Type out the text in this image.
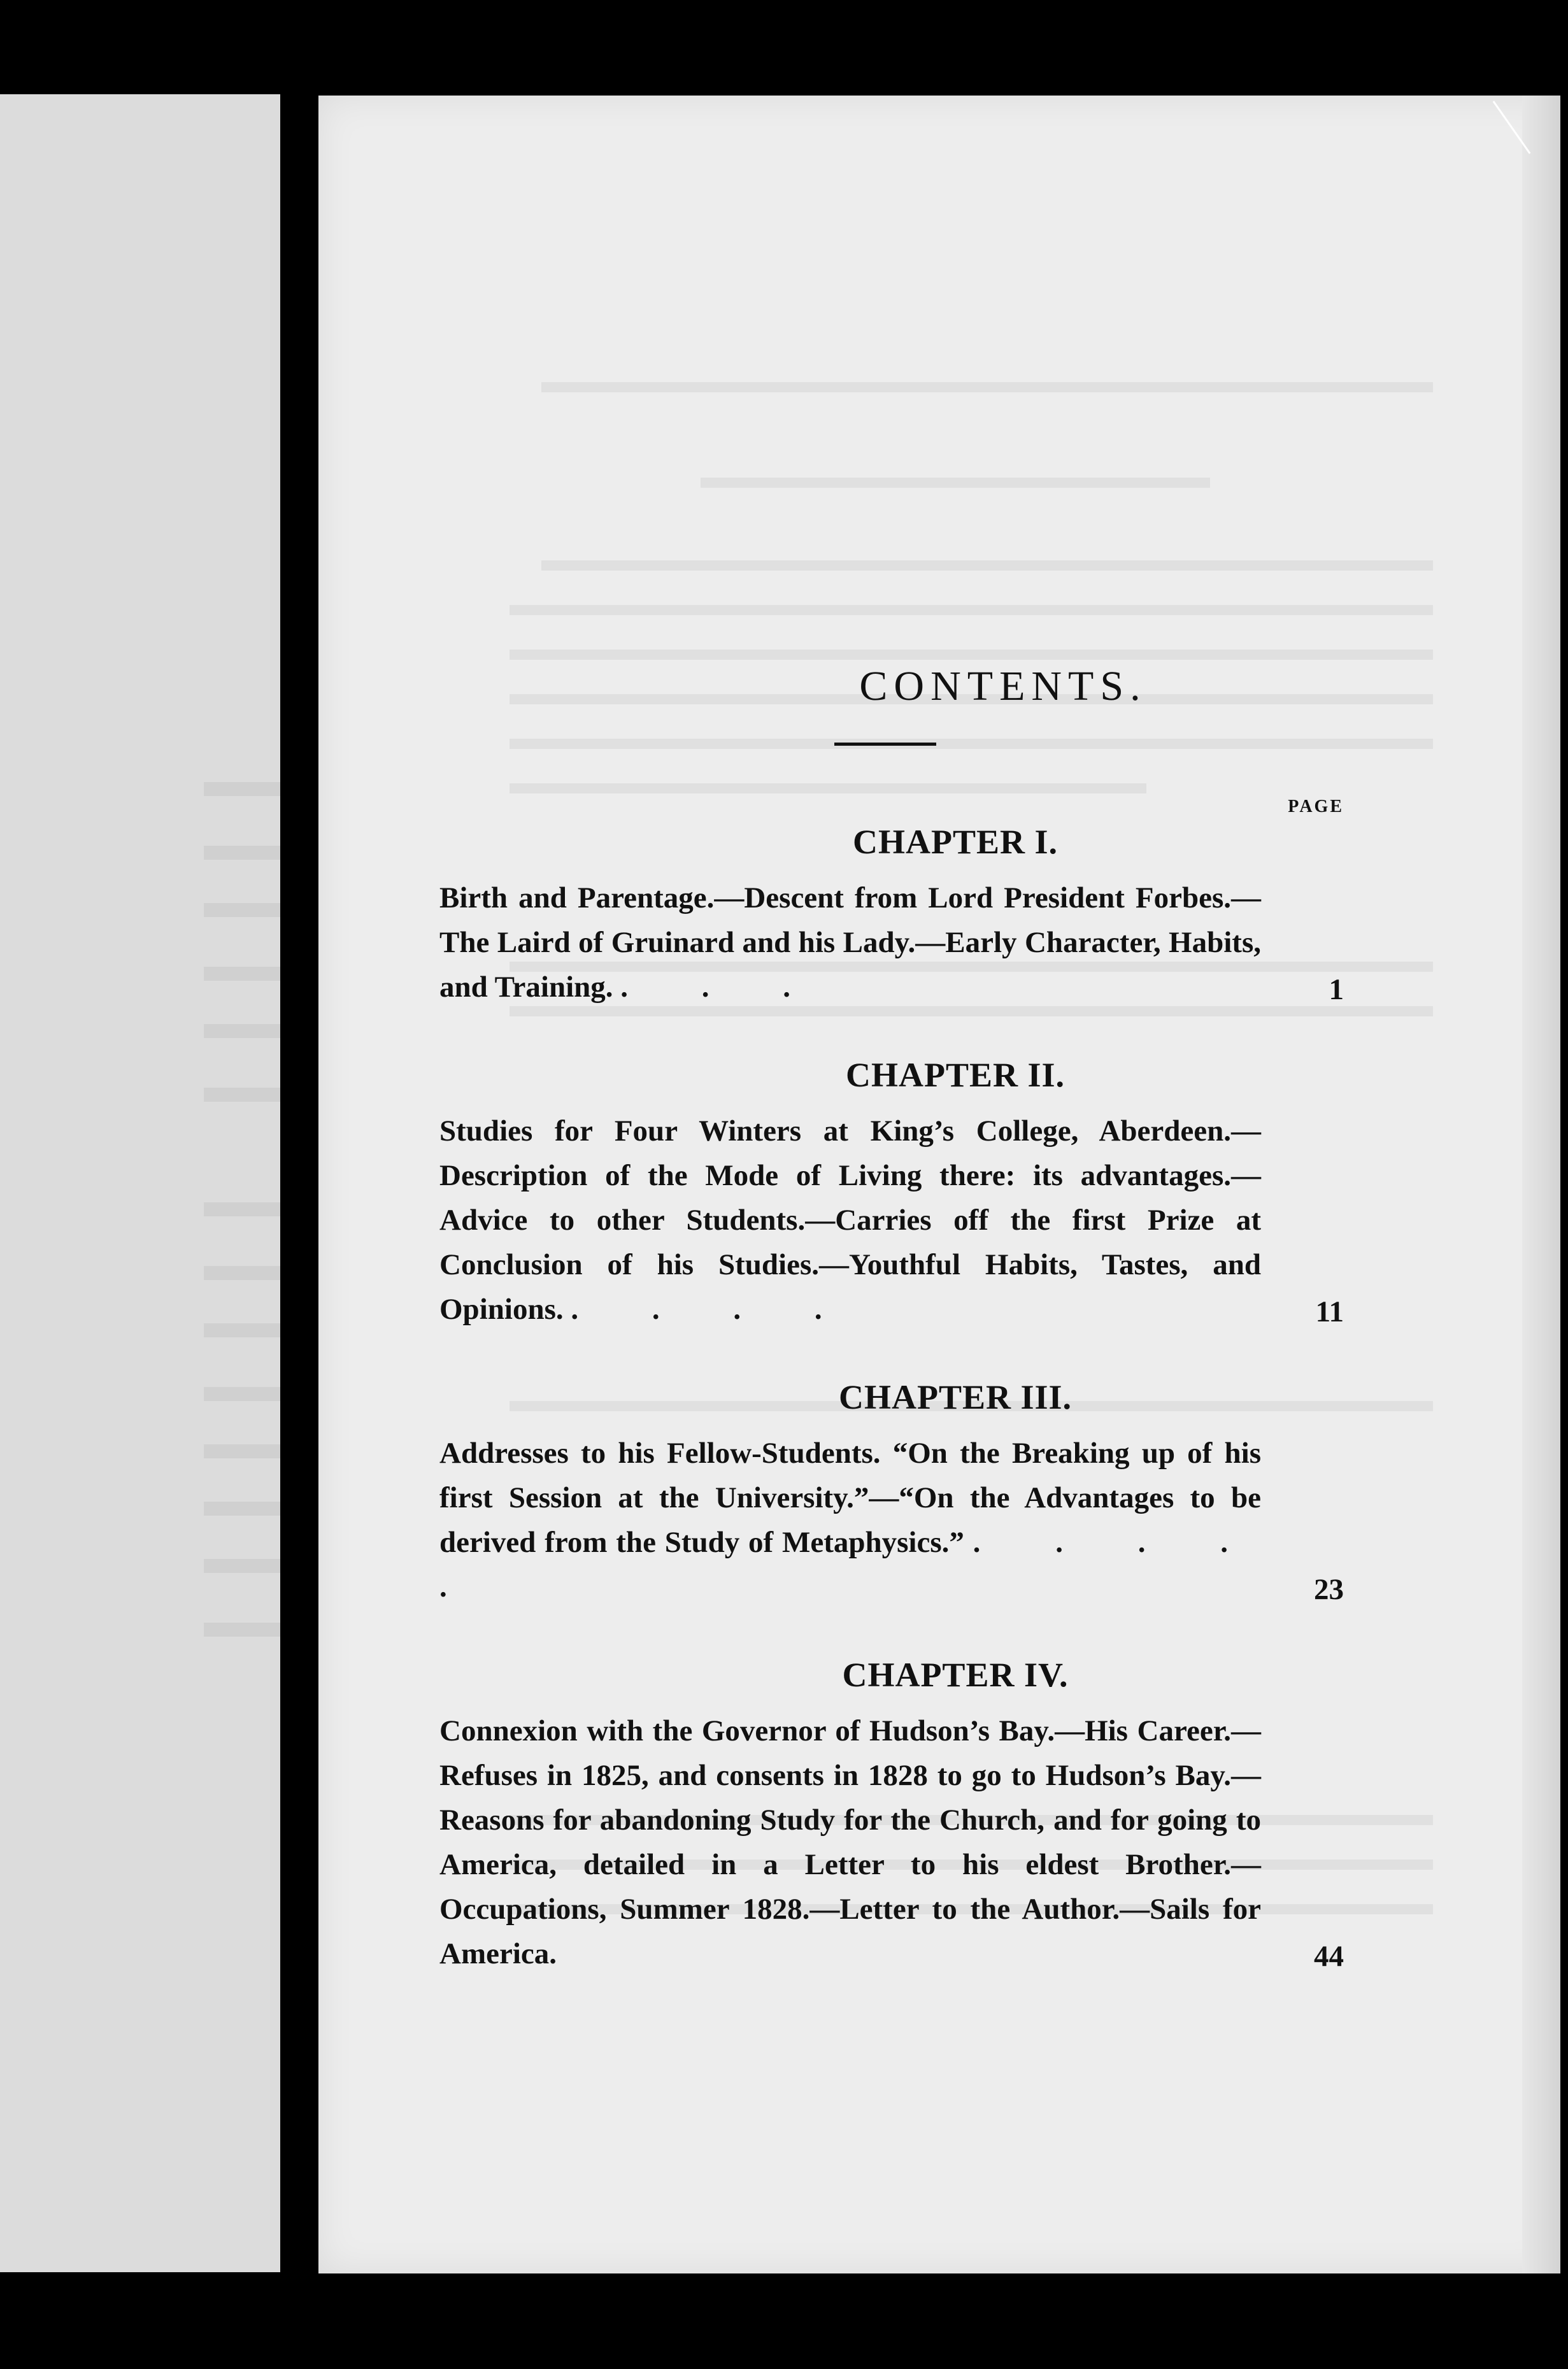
CONTENTS.
PAGE
CHAPTER I.

Birth and Parentage.—Descent from Lord President Forbes.—The Laird of Gruinard and his Lady.—Early Character, Habits, and Training. . . .	1
CHAPTER II.

Studies for Four Winters at King’s College, Aberdeen.—Description of the Mode of Living there: its advantages.—Advice to other Students.—Carries off the first Prize at Conclusion of his Studies.—Youthful Habits, Tastes, and Opinions. . . . .	11
CHAPTER III.

Addresses to his Fellow-Students. “On the Breaking up of his first Session at the University.”—“On the Advantages to be derived from the Study of Metaphysics.” . . . . .	23
CHAPTER IV.

Connexion with the Governor of Hudson’s Bay.—His Career.—Refuses in 1825, and consents in 1828 to go to Hudson’s Bay.—Reasons for abandoning Study for the Church, and for going to America, detailed in a Letter to his eldest Brother.—Occupations, Summer 1828.—Letter to the Author.—Sails for America.	44
